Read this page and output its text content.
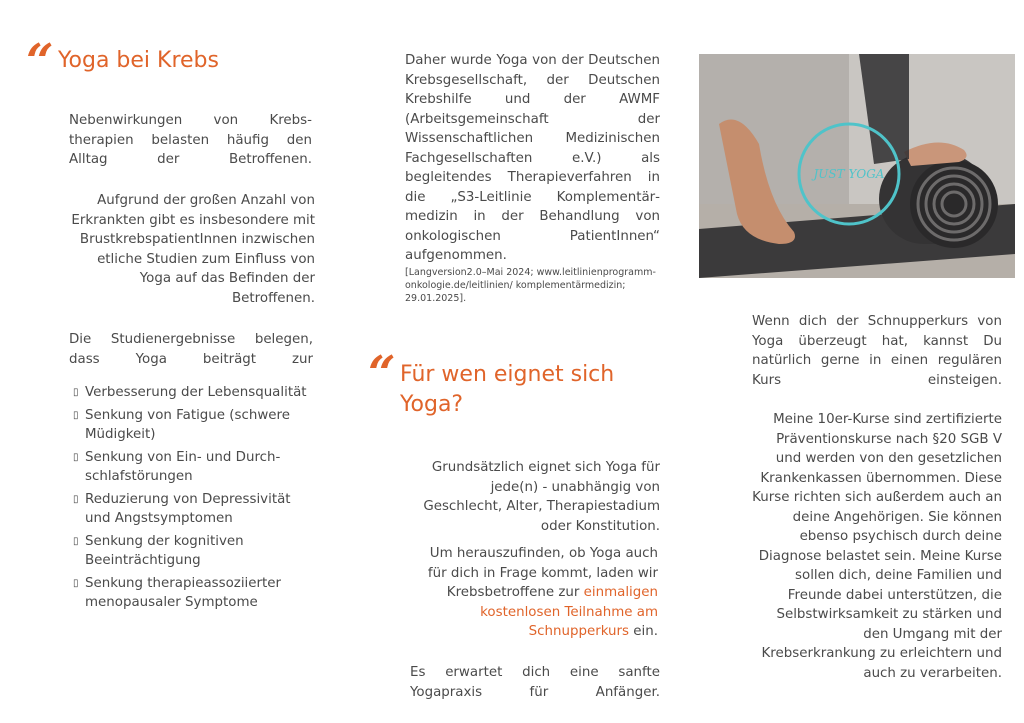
“ Yoga bei Krebs
Nebenwirkungen von Krebstherapien belasten häufig den Alltag der Betroffenen.
Aufgrund der großen Anzahl von Erkrankten gibt es insbesondere mit BrustkrebspatientInnen inzwischen etliche Studien zum Einfluss von Yoga auf das Befinden der Betroffenen.
Die Studienergebnisse belegen, dass Yoga beiträgt zur
▯ Verbesserung der Lebensqualität
▯ Senkung von Fatigue (schwere Müdigkeit)
▯ Senkung von Ein- und Durchschlafstörungen
▯ Reduzierung von Depressivität und Angstsymptomen
▯ Senkung der kognitiven Beeinträchtigung
▯ Senkung therapieassoziierter menopausaler Symptome
Daher wurde Yoga von der Deutschen Krebsgesellschaft, der Deutschen Krebshilfe und der AWMF (Arbeitsgemeinschaft der Wissenschaftlichen Medizinischen Fachgesellschaften e.V.) als begleitendes Therapieverfahren in die „S3-Leitlinie Komplementärmedizin in der Behandlung von onkologischen PatientInnen“ aufgenommen.
[Langversion2.0–Mai 2024; www.leitlinienprogramm-onkologie.de/leitlinien/ komplementärmedizin; 29.01.2025].
“ Für wen eignet sich Yoga?
Grundsätzlich eignet sich Yoga für jede(n) - unabhängig von Geschlecht, Alter, Therapiestadium oder Konstitution.
Um herauszufinden, ob Yoga auch für dich in Frage kommt, laden wir Krebsbetroffene zur einmaligen kostenlosen Teilnahme am Schnupperkurs ein.
Es erwartet dich eine sanfte Yogapraxis für Anfänger.
JUST YOGA
Wenn dich der Schnupperkurs von Yoga überzeugt hat, kannst Du natürlich gerne in einen regulären Kurs einsteigen.
Meine 10er-Kurse sind zertifizierte Präventionskurse nach §20 SGB V und werden von den gesetzlichen Krankenkassen übernommen. Diese Kurse richten sich außerdem auch an deine Angehörigen. Sie können ebenso psychisch durch deine Diagnose belastet sein. Meine Kurse sollen dich, deine Familien und Freunde dabei unterstützen, die Selbstwirksamkeit zu stärken und den Umgang mit der Krebserkrankung zu erleichtern und auch zu verarbeiten.
